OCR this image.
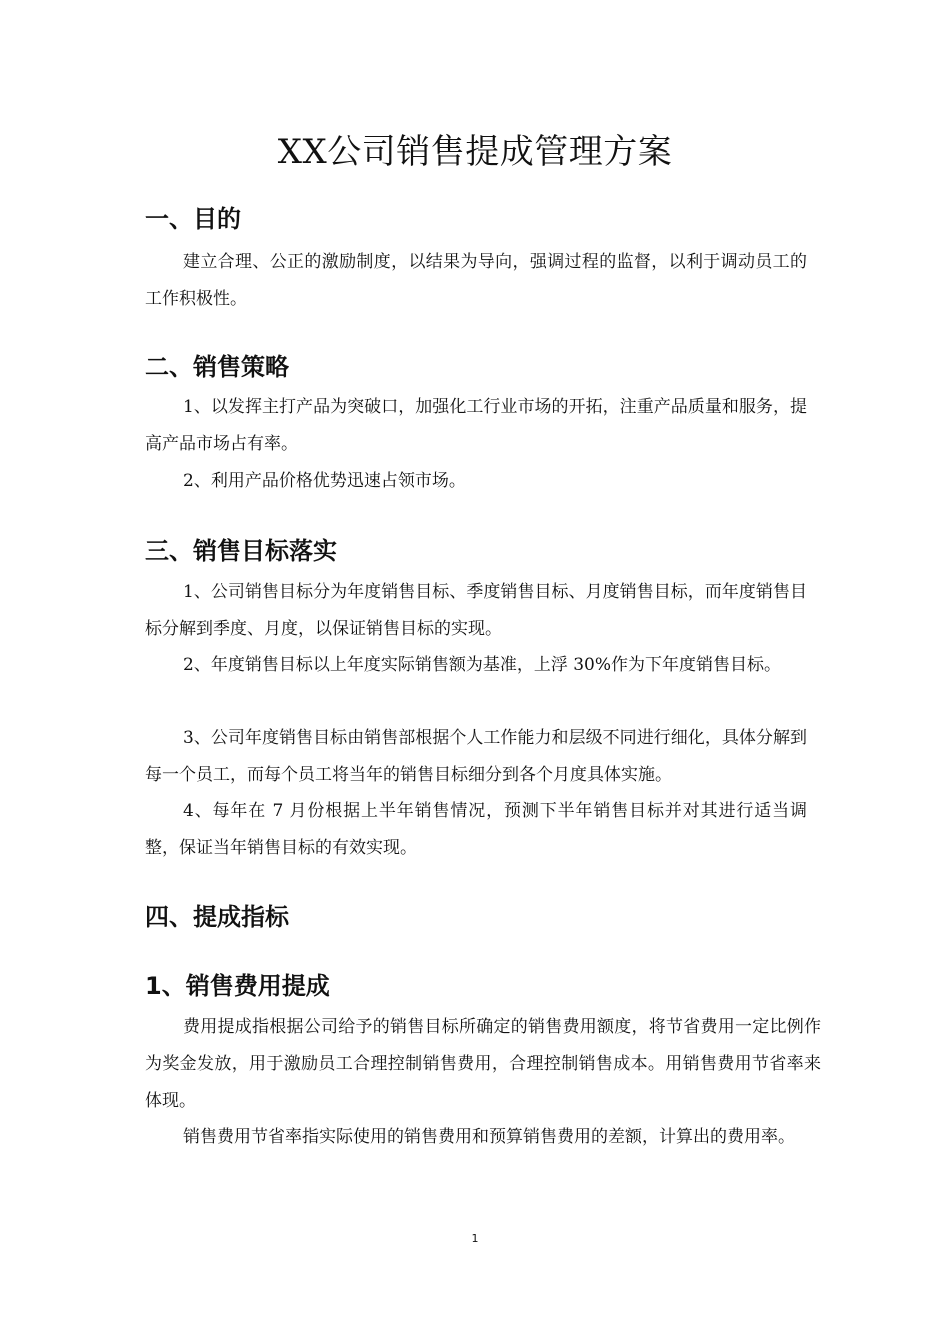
XX公司销售提成管理方案
一、目的

建立合理、公正的激励制度，以结果为导向，强调过程的监督，以利于调动员工的工作积极性。

二、销售策略

1、以发挥主打产品为突破口，加强化工行业市场的开拓，注重产品质量和服务，提高产品市场占有率。

2、利用产品价格优势迅速占领市场。

三、销售目标落实

1、公司销售目标分为年度销售目标、季度销售目标、月度销售目标，而年度销售目标分解到季度、月度，以保证销售目标的实现。

2、年度销售目标以上年度实际销售额为基准，上浮 30%作为下年度销售目标。

3、公司年度销售目标由销售部根据个人工作能力和层级不同进行细化，具体分解到每一个员工，而每个员工将当年的销售目标细分到各个月度具体实施。

4、每年在 7 月份根据上半年销售情况，预测下半年销售目标并对其进行适当调整，保证当年销售目标的有效实现。

四、提成指标
1、销售费用提成

费用提成指根据公司给予的销售目标所确定的销售费用额度，将节省费用一定比例作为奖金发放，用于激励员工合理控制销售费用，合理控制销售成本。用销售费用节省率来体现。

销售费用节省率指实际使用的销售费用和预算销售费用的差额，计算出的费用率。

1
